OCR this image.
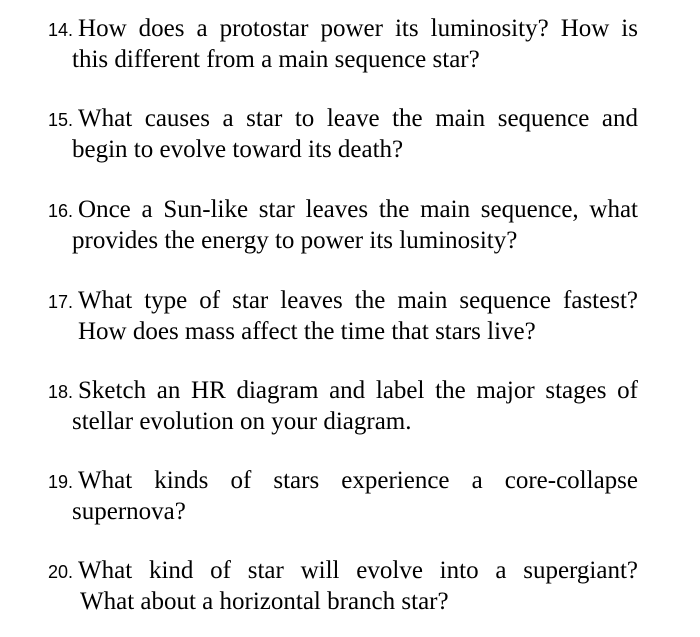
14. How does a protostar power its luminosity? How is
this different from a main sequence star?
15. What causes a star to leave the main sequence and
begin to evolve toward its death?
16. Once a Sun-like star leaves the main sequence, what
provides the energy to power its luminosity?
17. What type of star leaves the main sequence fastest?
How does mass affect the time that stars live?
18. Sketch an HR diagram and label the major stages of
stellar evolution on your diagram.
19. What kinds of stars experience a core-collapse
supernova?
20. What kind of star will evolve into a supergiant?
What about a horizontal branch star?
